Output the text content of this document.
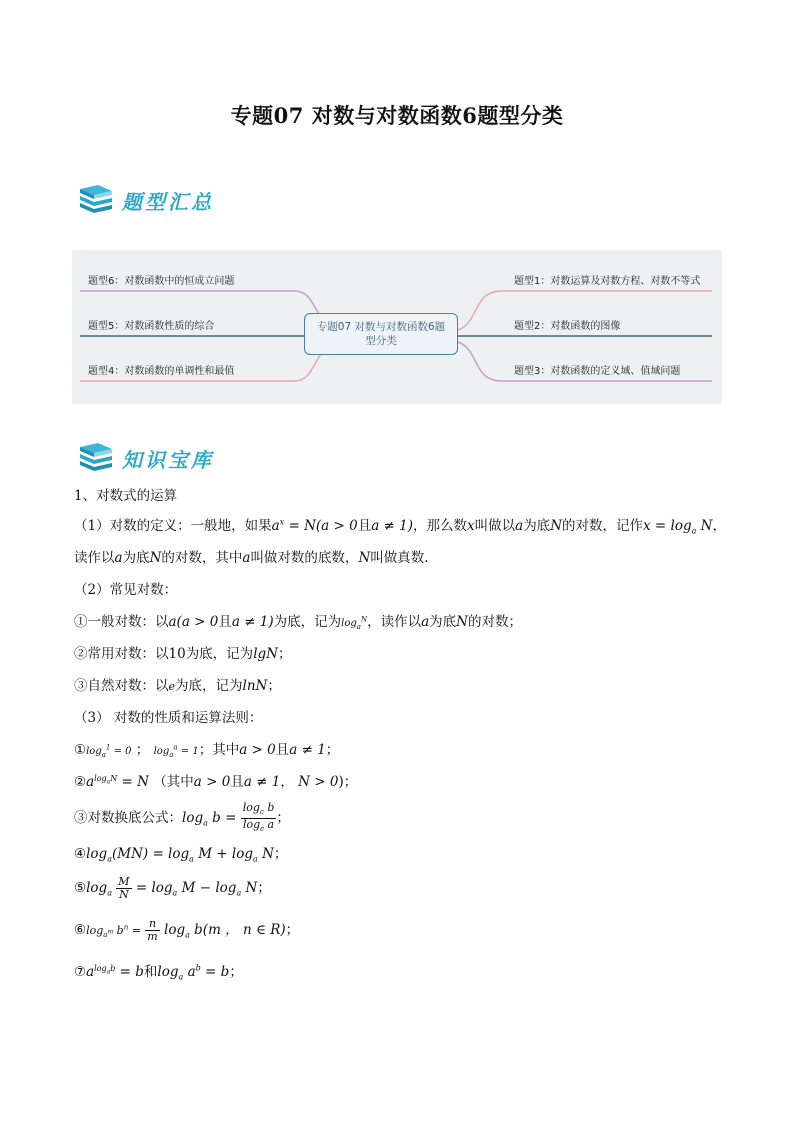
专题07 对数与对数函数6题型分类
题型汇总
题型6：对数函数中的恒成立问题
题型5：对数函数性质的综合
题型4：对数函数的单调性和最值
题型1：对数运算及对数方程、对数不等式
题型2：对数函数的图像
题型3：对数函数的定义域、值域问题
专题07 对数与对数函数6题型分类
知识宝库
1、对数式的运算
（1）对数的定义：一般地，如果$a^x = N(a > 0$且a ≠ 1)，那么数x叫做以a为底N的对数，记作$x = \log_a N$，
读作以a为底N的对数，其中a叫做对数的底数，N叫做真数.
（2）常见对数：
①一般对数：以a(a > 0且a ≠ 1)为底，记为$\log_a^N$，读作以a为底N的对数；
②常用对数：以10为底，记为lgN；
③自然对数：以e为底，记为lnN；
（3） 对数的性质和运算法则：
$①\log_a^1 = 0$ ； $\log_a^a = 1$；其中a > 0且a ≠ 1；
$②a^{log_aN} = N$ （其中a > 0且a ≠ 1， N > 0)；
③对数换底公式：$\log_a b = \frac{\log_c b}{\log_c a}$ ；
$④\log_a(MN) = \log_a M + \log_a N$；
$⑤\log_a \frac{M}{N} = \log_a M - \log_a N$；
$⑥\log_{a^m}$ $b^n = \frac{n}{m} \log_a b(m$ ， n ∈ R)；
$⑦a^{log_ab} = b$和$\log_a a^b = b$；
